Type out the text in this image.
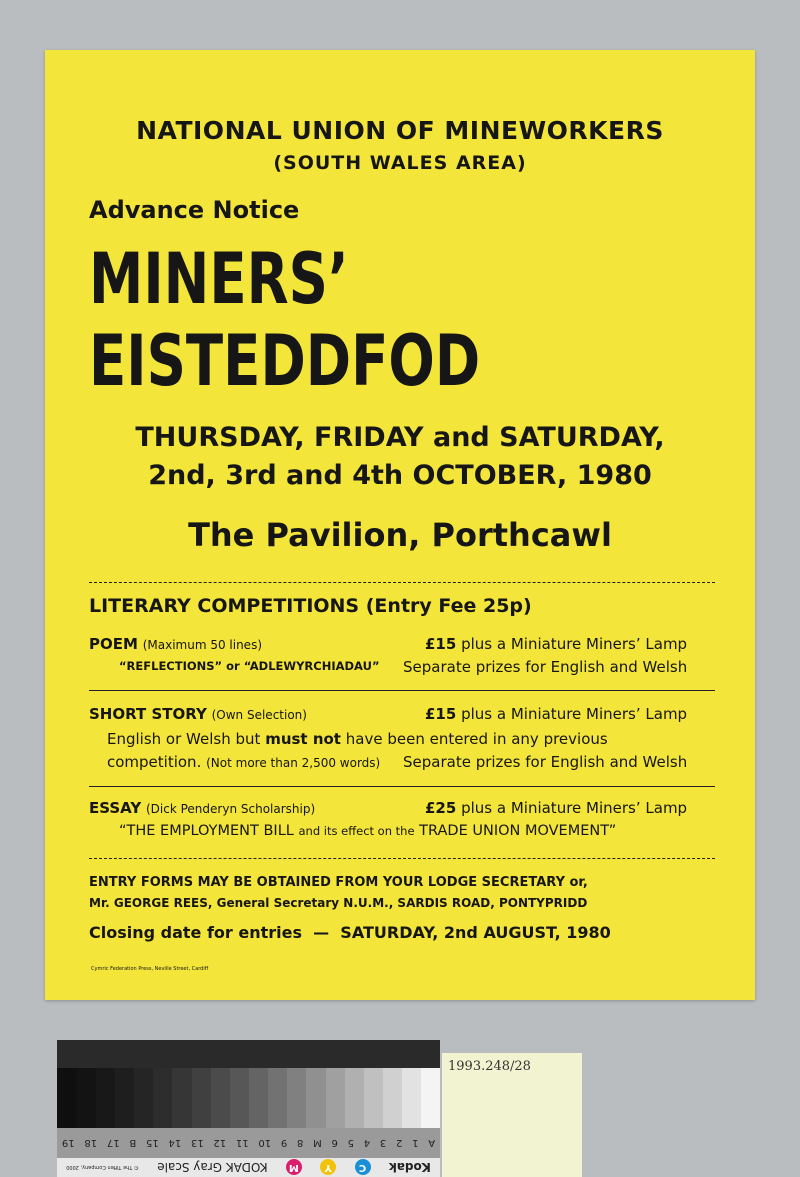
NATIONAL UNION OF MINEWORKERS
(SOUTH WALES AREA)
Advance Notice
MINERS’
EISTEDDFOD
THURSDAY, FRIDAY and SATURDAY,
2nd, 3rd and 4th OCTOBER, 1980
The Pavilion, Porthcawl
LITERARY COMPETITIONS (Entry Fee 25p)
POEM (Maximum 50 lines)	£15 plus a Miniature Miners’ Lamp
“REFLECTIONS” or “ADLEWYRCHIADAU” Separate prizes for English and Welsh
SHORT STORY (Own Selection)	£15 plus a Miniature Miners’ Lamp
English or Welsh but must not have been entered in any previous
competition. (Not more than 2,500 words) Separate prizes for English and Welsh
ESSAY (Dick Penderyn Scholarship)	£25 plus a Miniature Miners’ Lamp
“THE EMPLOYMENT BILL and its effect on the TRADE UNION MOVEMENT”
ENTRY FORMS MAY BE OBTAINED FROM YOUR LODGE SECRETARY or,
Mr. GEORGE REES, General Secretary N.U.M., SARDIS ROAD, PONTYPRIDD
Closing date for entries — SATURDAY, 2nd AUGUST, 1980
Cymric Federation Press, Neville Street, Cardiff
A
1
2
3
4
5
6
M
8
9
10
11
12
13
14
15
B
17
18
19
Kodak
C
Y
M
KODAK Gray Scale
© The Tiffen Company, 2000
1993.248/28
